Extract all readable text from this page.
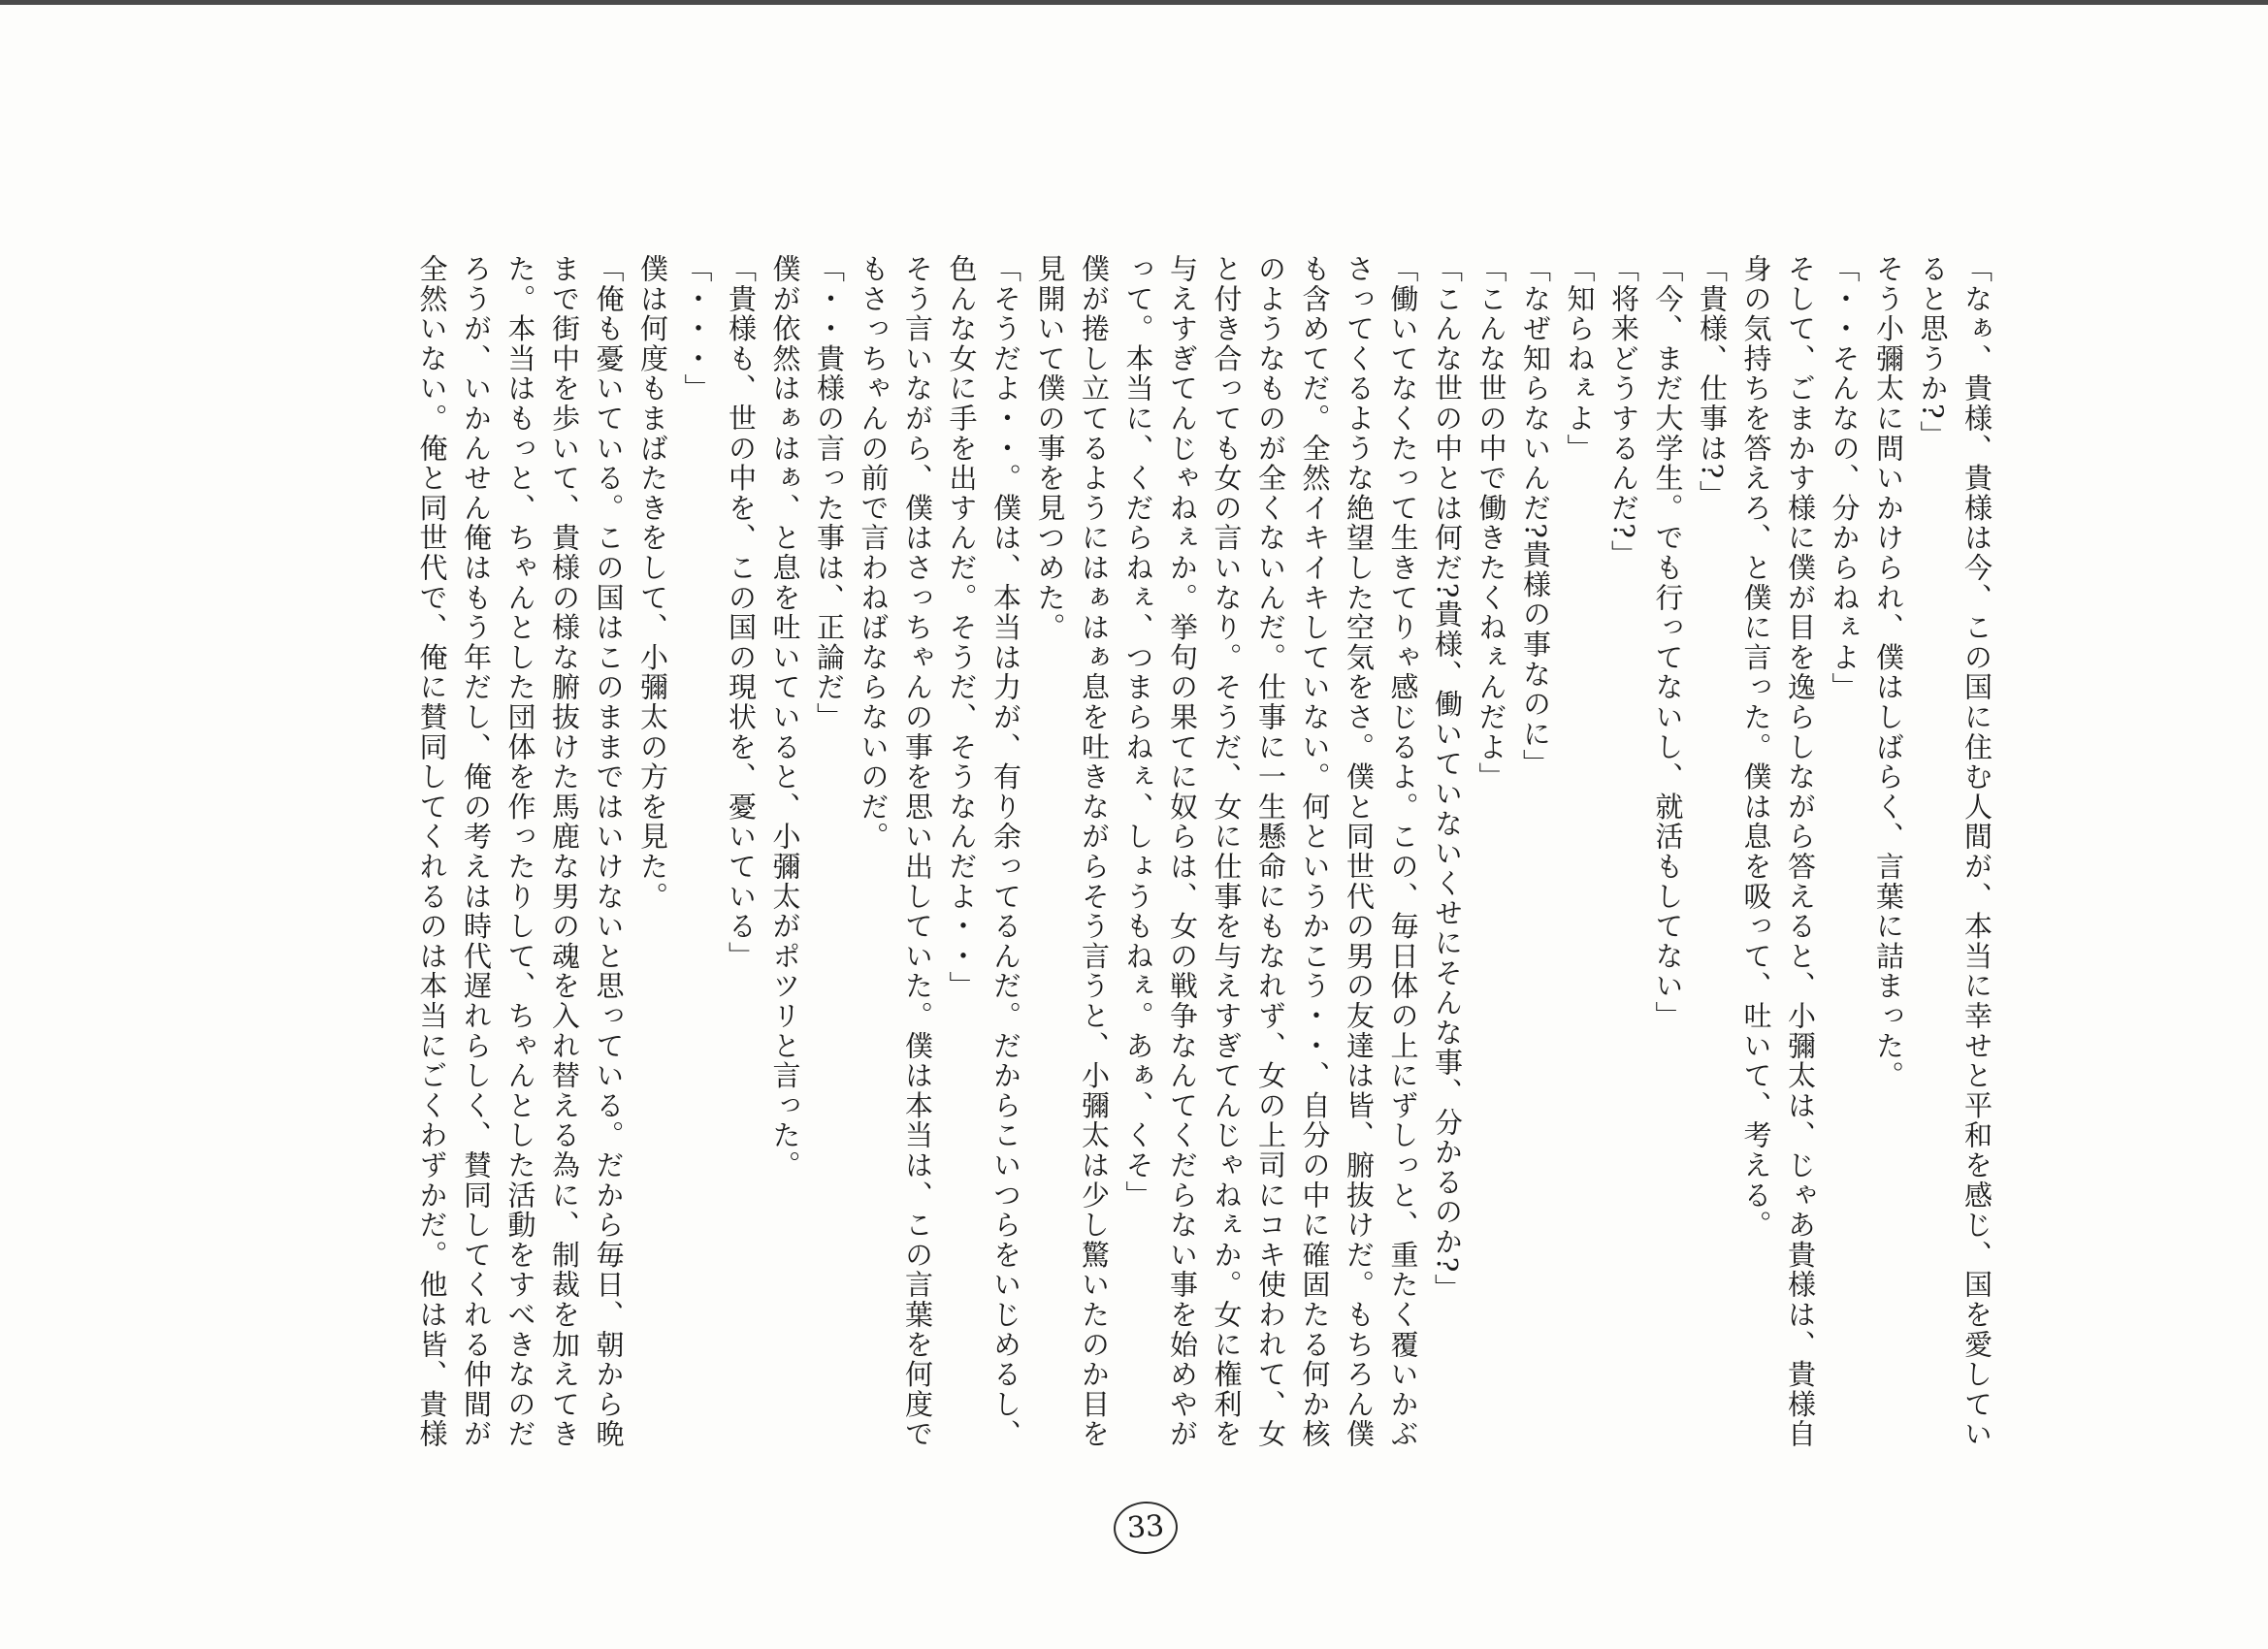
「なぁ、貴様、貴様は今、この国に住む人間が、本当に幸せと平和を感じ、国を愛してい

ると思うか?」

そう小彌太に問いかけられ、僕はしばらく、言葉に詰まった。

「・・そんなの、分からねぇよ」

そして、ごまかす様に僕が目を逸らしながら答えると、小彌太は、じゃあ貴様は、貴様自

身の気持ちを答えろ、と僕に言った。僕は息を吸って、吐いて、考える。

「貴様、仕事は?」

「今、まだ大学生。でも行ってないし、就活もしてない」

「将来どうするんだ?」

「知らねぇよ」

「なぜ知らないんだ?貴様の事なのに」

「こんな世の中で働きたくねぇんだよ」

「こんな世の中とは何だ?貴様、働いていないくせにそんな事、分かるのか?」

「働いてなくたって生きてりゃ感じるよ。この、毎日体の上にずしっと、重たく覆いかぶ

さってくるような絶望した空気をさ。僕と同世代の男の友達は皆、腑抜けだ。もちろん僕

も含めてだ。全然イキイキしていない。何というかこう・・、自分の中に確固たる何か核

のようなものが全くないんだ。仕事に一生懸命にもなれず、女の上司にコキ使われて、女

と付き合っても女の言いなり。そうだ、女に仕事を与えすぎてんじゃねぇか。女に権利を

与えすぎてんじゃねぇか。挙句の果てに奴らは、女の戦争なんてくだらない事を始めやが

って。本当に、くだらねぇ、つまらねぇ、しょうもねぇ。あぁ、くそ」

僕が捲し立てるようにはぁはぁ息を吐きながらそう言うと、小彌太は少し驚いたのか目を

見開いて僕の事を見つめた。

「そうだよ・・。僕は、本当は力が、有り余ってるんだ。だからこいつらをいじめるし、

色んな女に手を出すんだ。そうだ、そうなんだよ・・」

そう言いながら、僕はさっちゃんの事を思い出していた。僕は本当は、この言葉を何度で

もさっちゃんの前で言わねばならないのだ。

「・・貴様の言った事は、正論だ」

僕が依然はぁはぁ、と息を吐いていると、小彌太がポツリと言った。

「貴様も、世の中を、この国の現状を、憂いている」

「・・・」

僕は何度もまばたきをして、小彌太の方を見た。

「俺も憂いている。この国はこのままではいけないと思っている。だから毎日、朝から晩

まで街中を歩いて、貴様の様な腑抜けた馬鹿な男の魂を入れ替える為に、制裁を加えてき

た。本当はもっと、ちゃんとした団体を作ったりして、ちゃんとした活動をすべきなのだ

ろうが、いかんせん俺はもう年だし、俺の考えは時代遅れらしく、賛同してくれる仲間が

全然いない。俺と同世代で、俺に賛同してくれるのは本当にごくわずかだ。他は皆、貴様

33
